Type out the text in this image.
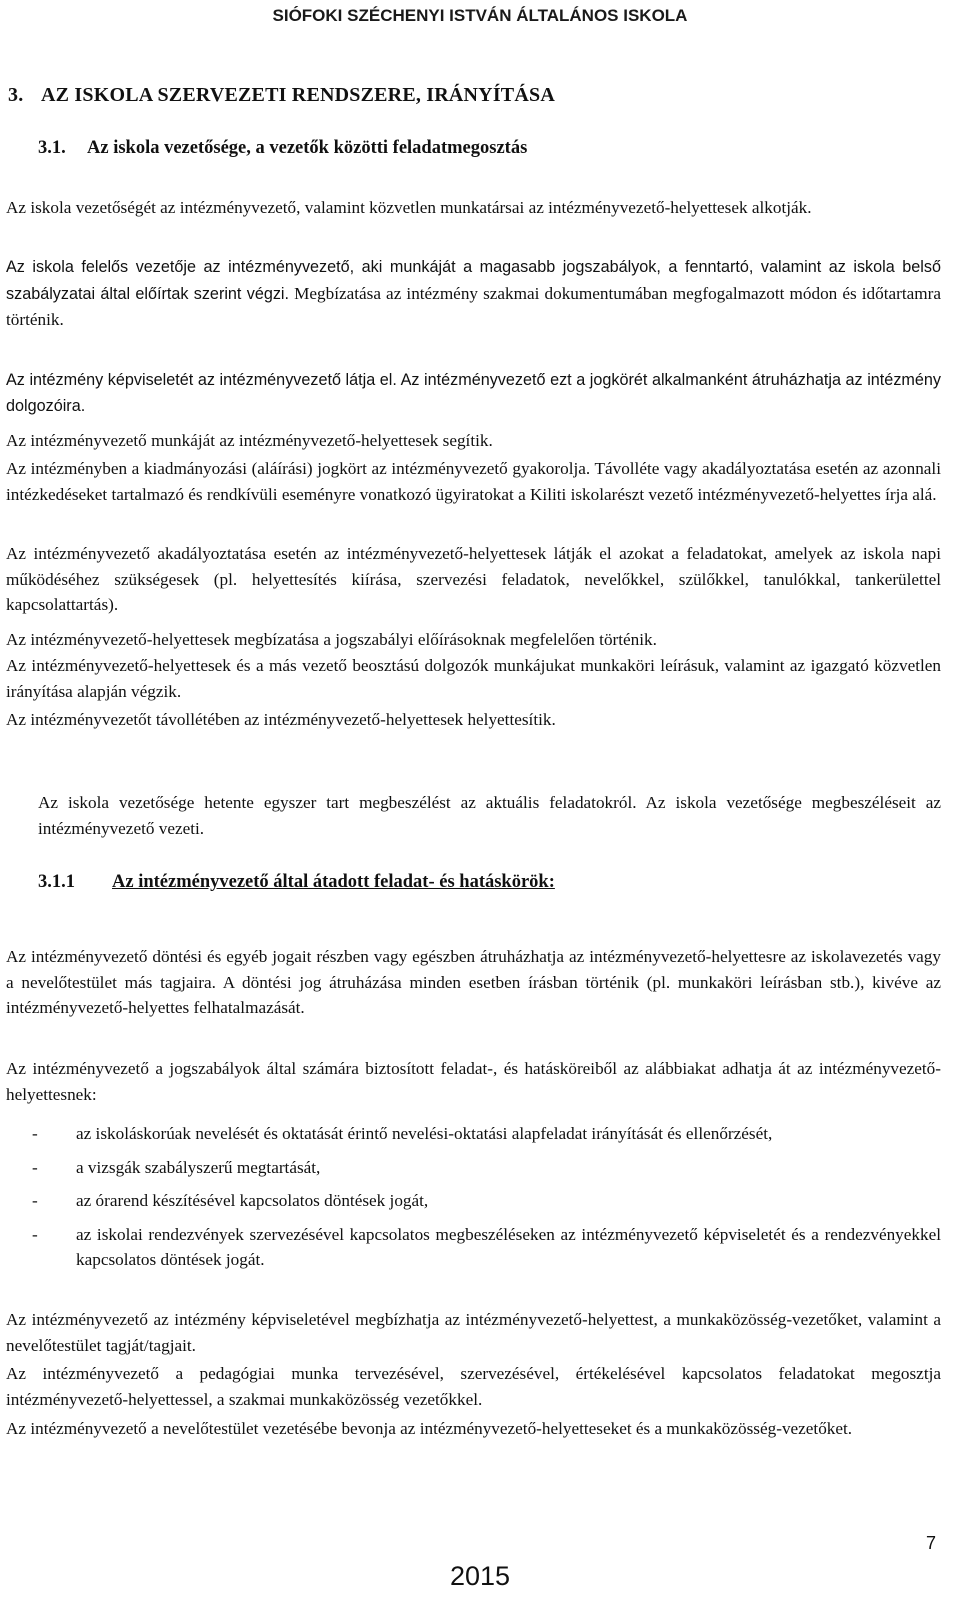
SIÓFOKI SZÉCHENYI ISTVÁN ÁLTALÁNOS ISKOLA
3. AZ ISKOLA SZERVEZETI RENDSZERE, IRÁNYÍTÁSA
3.1. Az iskola vezetősége, a vezetők közötti feladatmegosztás

Az iskola vezetőségét az intézményvezető, valamint közvetlen munkatársai az intézményvezető-helyettesek alkotják.

Az iskola felelős vezetője az intézményvezető, aki munkáját a magasabb jogszabályok, a fenntartó, valamint az iskola belső szabályzatai által előírtak szerint végzi. Megbízatása az intézmény szakmai dokumentumában megfogalmazott módon és időtartamra történik.

Az intézmény képviseletét az intézményvezető látja el. Az intézményvezető ezt a jogkörét alkalmanként átruházhatja az intézmény dolgozóira.

Az intézményvezető munkáját az intézményvezető-helyettesek segítik.

Az intézményben a kiadmányozási (aláírási) jogkört az intézményvezető gyakorolja. Távolléte vagy akadályoztatása esetén az azonnali intézkedéseket tartalmazó és rendkívüli eseményre vonatkozó ügyiratokat a Kiliti iskolarészt vezető intézményvezető-helyettes írja alá.

Az intézményvezető akadályoztatása esetén az intézményvezető-helyettesek látják el azokat a feladatokat, amelyek az iskola napi működéséhez szükségesek (pl. helyettesítés kiírása, szervezési feladatok, nevelőkkel, szülőkkel, tanulókkal, tankerülettel kapcsolattartás).

Az intézményvezető-helyettesek megbízatása a jogszabályi előírásoknak megfelelően történik.

Az intézményvezető-helyettesek és a más vezető beosztású dolgozók munkájukat munkaköri leírásuk, valamint az igazgató közvetlen irányítása alapján végzik.

Az intézményvezetőt távollétében az intézményvezető-helyettesek helyettesítik.

Az iskola vezetősége hetente egyszer tart megbeszélést az aktuális feladatokról. Az iskola vezetősége megbeszéléseit az intézményvezető vezeti.

3.1.1 Az intézményvezető által átadott feladat- és hatáskörök:

Az intézményvezető döntési és egyéb jogait részben vagy egészben átruházhatja az intézményvezető-helyettesre az iskolavezetés vagy a nevelőtestület más tagjaira. A döntési jog átruházása minden esetben írásban történik (pl. munkaköri leírásban stb.), kivéve az intézményvezető-helyettes felhatalmazását.

Az intézményvezető a jogszabályok által számára biztosított feladat-, és hatásköreiből az alábbiakat adhatja át az intézményvezető-helyettesnek:

- az iskoláskorúak nevelését és oktatását érintő nevelési-oktatási alapfeladat irányítását és ellenőrzését,
- a vizsgák szabályszerű megtartását,
- az órarend készítésével kapcsolatos döntések jogát,
- az iskolai rendezvények szervezésével kapcsolatos megbeszéléseken az intézményvezető képviseletét és a rendezvényekkel kapcsolatos döntések jogát.

Az intézményvezető az intézmény képviseletével megbízhatja az intézményvezető-helyettest, a munkaközösség-vezetőket, valamint a nevelőtestület tagját/tagjait.

Az intézményvezető a pedagógiai munka tervezésével, szervezésével, értékelésével kapcsolatos feladatokat megosztja intézményvezető-helyettessel, a szakmai munkaközösség vezetőkkel.

Az intézményvezető a nevelőtestület vezetésébe bevonja az intézményvezető-helyetteseket és a munkaközösség-vezetőket.

7
2015
